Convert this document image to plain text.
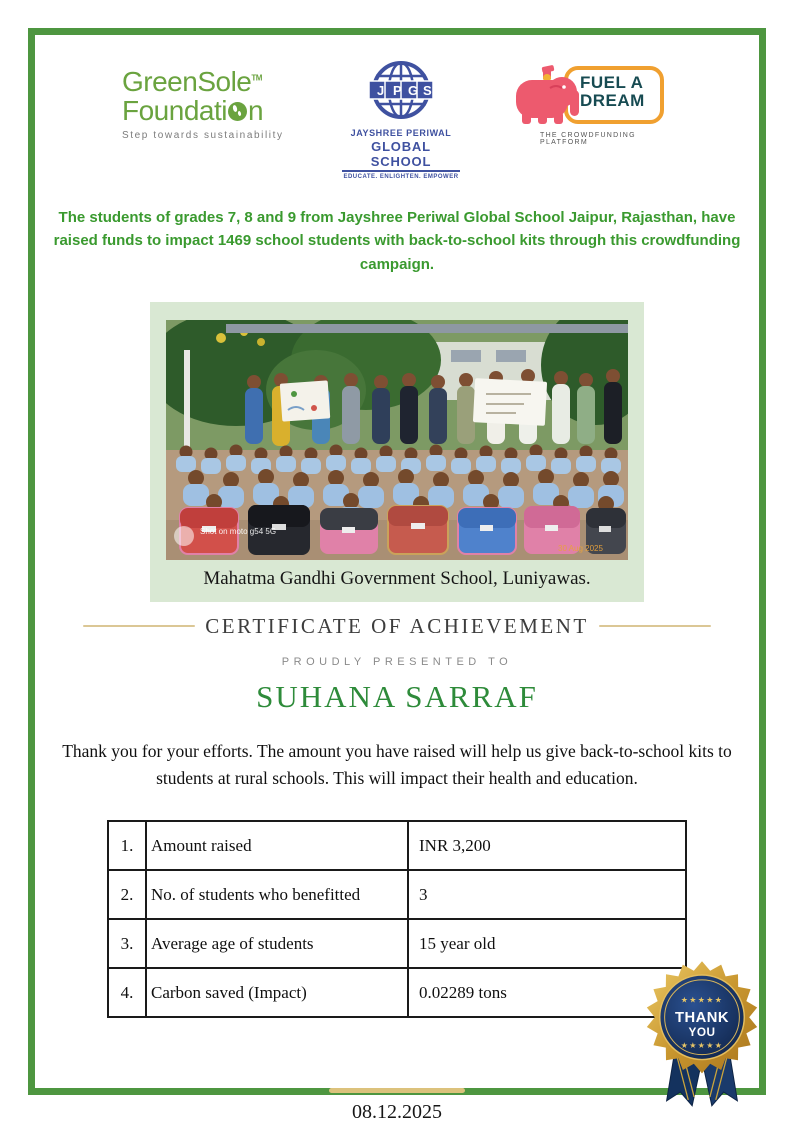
GreenSole™
Foundati n
Step towards sustainability
J P G S
JAYSHREE PERIWAL
GLOBAL SCHOOL
EDUCATE. ENLIGHTEN. EMPOWER
FUEL A
DREAM
THE CROWDFUNDING PLATFORM
The students of grades 7, 8 and 9 from Jayshree Periwal Global School Jaipur, Rajasthan, have raised funds to impact 1469 school students with back-to-school kits through this crowdfunding campaign.
Shot on moto g54 5G
30 Aug 2025
Mahatma Gandhi Government School, Luniyawas.
CERTIFICATE OF ACHIEVEMENT
PROUDLY PRESENTED TO
SUHANA SARRAF
Thank you for your efforts. The amount you have raised will help us give back-to-school kits to students at rural schools. This will impact their health and education.
1.	Amount raised	INR 3,200
2.	No. of students who benefitted	3
3.	Average age of students	15 year old
4.	Carbon saved (Impact)	0.02289 tons
08.12.2025
★★★★★
THANK
YOU
★★★★★
